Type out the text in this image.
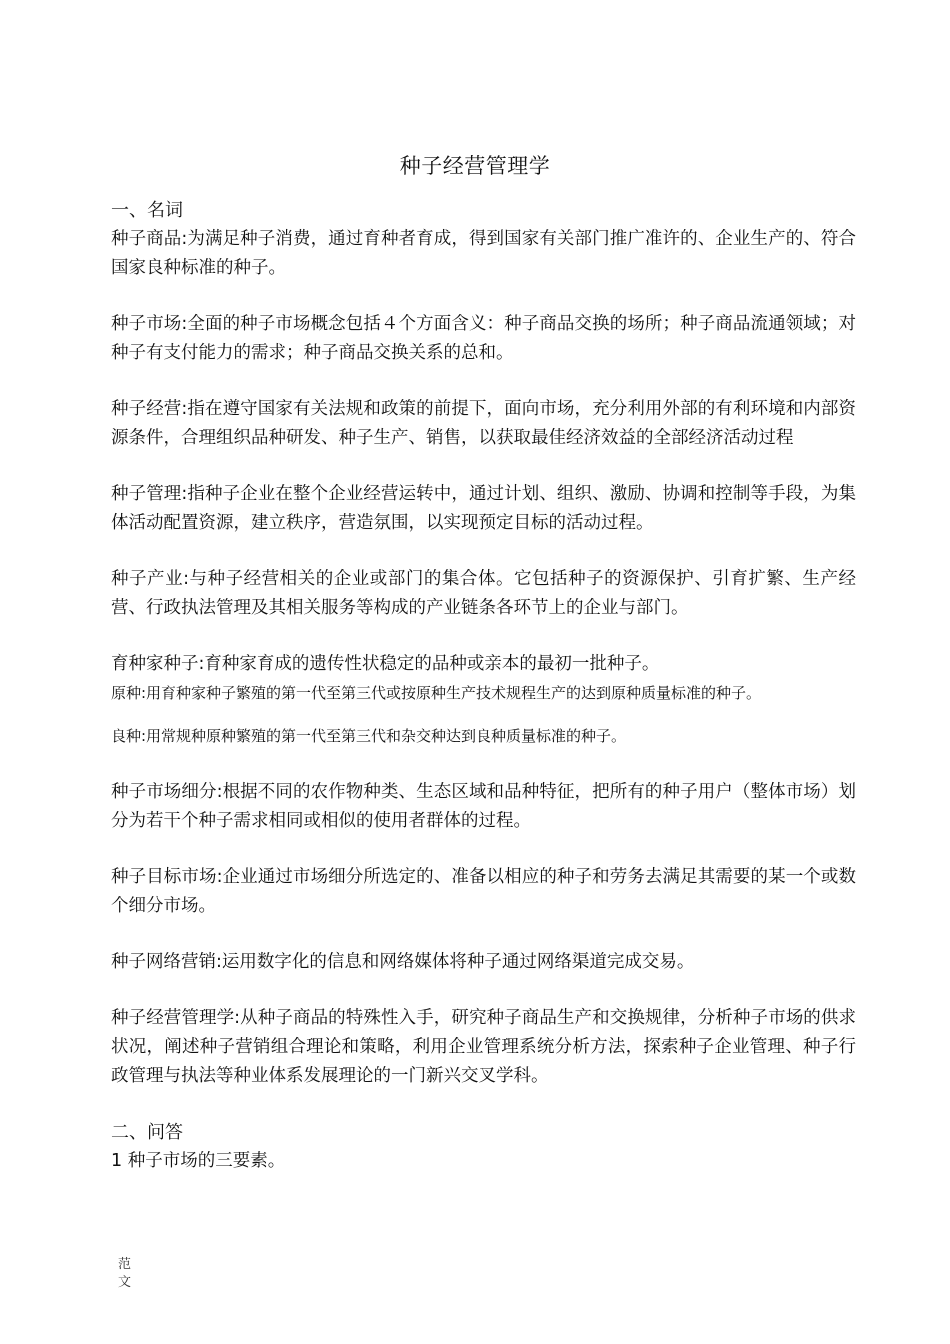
种子经营管理学
一、名词
种子商品:为满足种子消费，通过育种者育成，得到国家有关部门推广准许的、企业生产的、符合国家良种标准的种子。
种子市场:全面的种子市场概念包括４个方面含义：种子商品交换的场所；种子商品流通领域；对种子有支付能力的需求；种子商品交换关系的总和。
种子经营:指在遵守国家有关法规和政策的前提下，面向市场，充分利用外部的有利环境和内部资源条件，合理组织品种研发、种子生产、销售，以获取最佳经济效益的全部经济活动过程
种子管理:指种子企业在整个企业经营运转中，通过计划、组织、激励、协调和控制等手段，为集体活动配置资源，建立秩序，营造氛围，以实现预定目标的活动过程。
种子产业:与种子经营相关的企业或部门的集合体。它包括种子的资源保护、引育扩繁、生产经营、行政执法管理及其相关服务等构成的产业链条各环节上的企业与部门。
育种家种子:育种家育成的遗传性状稳定的品种或亲本的最初一批种子。
原种:用育种家种子繁殖的第一代至第三代或按原种生产技术规程生产的达到原种质量标准的种子。
良种:用常规种原种繁殖的第一代至第三代和杂交种达到良种质量标准的种子。
种子市场细分:根据不同的农作物种类、生态区域和品种特征，把所有的种子用户（整体市场）划分为若干个种子需求相同或相似的使用者群体的过程。
种子目标市场:企业通过市场细分所选定的、准备以相应的种子和劳务去满足其需要的某一个或数个细分市场。
种子网络营销:运用数字化的信息和网络媒体将种子通过网络渠道完成交易。
种子经营管理学:从种子商品的特殊性入手，研究种子商品生产和交换规律，分析种子市场的供求状况，阐述种子营销组合理论和策略，利用企业管理系统分析方法，探索种子企业管理、种子行政管理与执法等种业体系发展理论的一门新兴交叉学科。
二、问答
1 种子市场的三要素。
范
文
